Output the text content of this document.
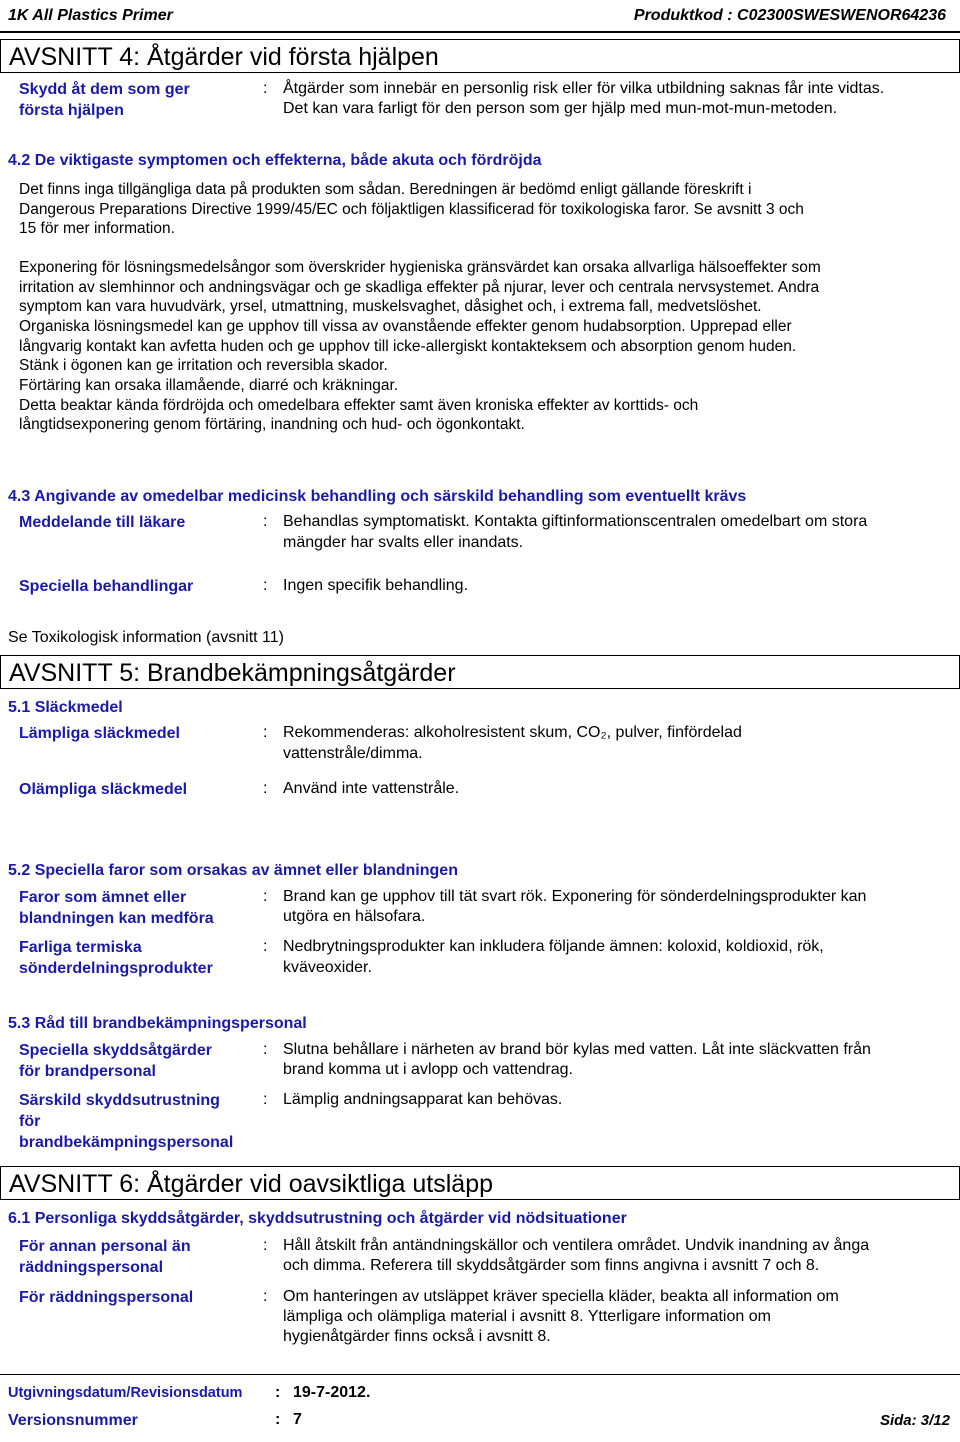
1K All Plastics Primer	Produktkod : C02300SWESWENOR64236
AVSNITT 4: Åtgärder vid första hjälpen
Skydd åt dem som ger
första hjälpen
: Åtgärder som innebär en personlig risk eller för vilka utbildning saknas får inte vidtas.
Det kan vara farligt för den person som ger hjälp med mun-mot-mun-metoden.
4.2 De viktigaste symptomen och effekterna, både akuta och fördröjda
Det finns inga tillgängliga data på produkten som sådan. Beredningen är bedömd enligt gällande föreskrift i
Dangerous Preparations Directive 1999/45/EC och följaktligen klassificerad för toxikologiska faror. Se avsnitt 3 och
15 för mer information.
Exponering för lösningsmedelsångor som överskrider hygieniska gränsvärdet kan orsaka allvarliga hälsoeffekter som
irritation av slemhinnor och andningsvägar och ge skadliga effekter på njurar, lever och centrala nervsystemet. Andra
symptom kan vara huvudvärk, yrsel, utmattning, muskelsvaghet, dåsighet och, i extrema fall, medvetslöshet.
Organiska lösningsmedel kan ge upphov till vissa av ovanstående effekter genom hudabsorption. Upprepad eller
långvarig kontakt kan avfetta huden och ge upphov till icke-allergiskt kontakteksem och absorption genom huden.
Stänk i ögonen kan ge irritation och reversibla skador.
Förtäring kan orsaka illamående, diarré och kräkningar.
Detta beaktar kända fördröjda och omedelbara effekter samt även kroniska effekter av korttids- och
långtidsexponering genom förtäring, inandning och hud- och ögonkontakt.
4.3 Angivande av omedelbar medicinsk behandling och särskild behandling som eventuellt krävs
Meddelande till läkare	: Behandlas symptomatiskt. Kontakta giftinformationscentralen omedelbart om stora
mängder har svalts eller inandats.
Speciella behandlingar	: Ingen specifik behandling.
Se Toxikologisk information (avsnitt 11)
AVSNITT 5: Brandbekämpningsåtgärder
5.1 Släckmedel
Lämpliga släckmedel	: Rekommenderas: alkoholresistent skum, CO₂, pulver, finfördelad
vattenstråle/dimma.
Olämpliga släckmedel	: Använd inte vattenstråle.
5.2 Speciella faror som orsakas av ämnet eller blandningen
Faror som ämnet eller
blandningen kan medföra
: Brand kan ge upphov till tät svart rök. Exponering för sönderdelningsprodukter kan
utgöra en hälsofara.
Farliga termiska
sönderdelningsprodukter
: Nedbrytningsprodukter kan inkludera följande ämnen: koloxid, koldioxid, rök,
kväveoxider.
5.3 Råd till brandbekämpningspersonal
Speciella skyddsåtgärder
för brandpersonal
: Slutna behållare i närheten av brand bör kylas med vatten. Låt inte släckvatten från
brand komma ut i avlopp och vattendrag.
Särskild skyddsutrustning
för
brandbekämpningspersonal
: Lämplig andningsapparat kan behövas.
AVSNITT 6: Åtgärder vid oavsiktliga utsläpp
6.1 Personliga skyddsåtgärder, skyddsutrustning och åtgärder vid nödsituationer
För annan personal än
räddningspersonal
: Håll åtskilt från antändningskällor och ventilera området. Undvik inandning av ånga
och dimma. Referera till skyddsåtgärder som finns angivna i avsnitt 7 och 8.
För räddningspersonal	: Om hanteringen av utsläppet kräver speciella kläder, beakta all information om
lämpliga och olämpliga material i avsnitt 8. Ytterligare information om
hygienåtgärder finns också i avsnitt 8.
Utgivningsdatum/Revisionsdatum : 19-7-2012.
Versionsnummer	: 7	Sida: 3/12
